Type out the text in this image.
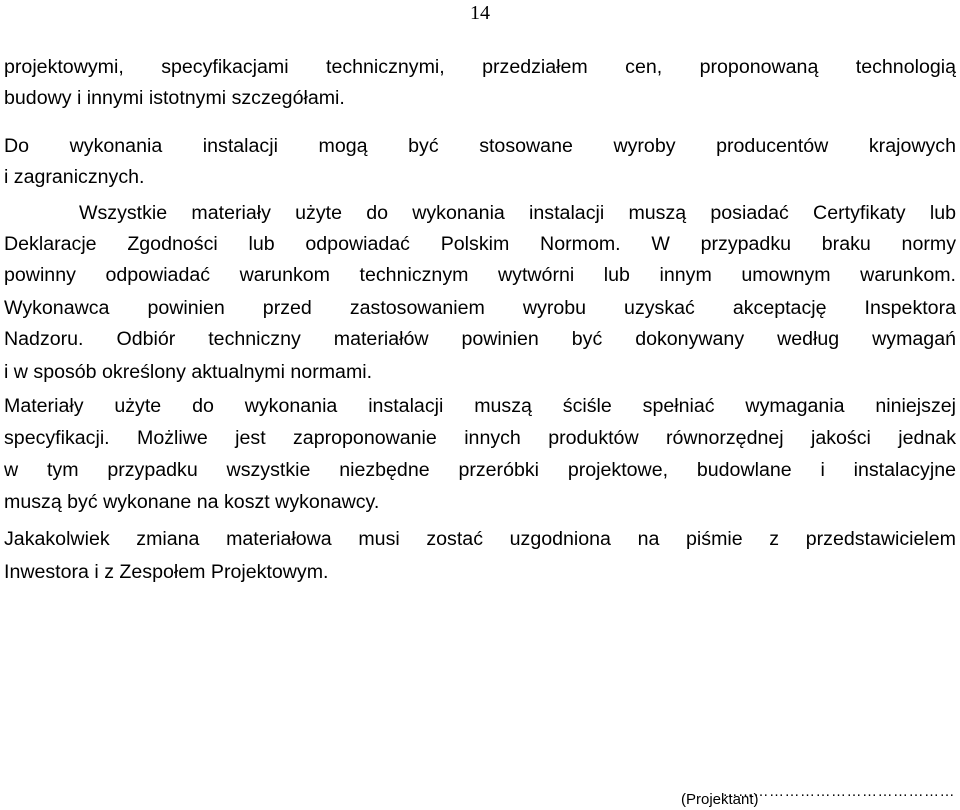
14
projektowymi, specyfikacjami technicznymi, przedziałem cen, proponowaną technologią
budowy i innymi istotnymi szczegółami.
Do wykonania instalacji mogą być stosowane wyroby producentów krajowych
i zagranicznych.
Wszystkie materiały użyte do wykonania instalacji muszą posiadać Certyfikaty lub
Deklaracje Zgodności lub odpowiadać Polskim Normom. W przypadku braku normy
powinny odpowiadać warunkom technicznym wytwórni lub innym umownym warunkom.
Wykonawca powinien przed zastosowaniem wyrobu uzyskać akceptację Inspektora
Nadzoru. Odbiór techniczny materiałów powinien być dokonywany według wymagań
i w sposób określony aktualnymi normami.
Materiały użyte do wykonania instalacji muszą ściśle spełniać wymagania niniejszej
specyfikacji. Możliwe jest zaproponowanie innych produktów równorzędnej jakości jednak
w tym przypadku wszystkie niezbędne przeróbki projektowe, budowlane i instalacyjne
muszą być wykonane na koszt wykonawcy.
Jakakolwiek zmiana materiałowa musi zostać uzgodniona na piśmie z przedstawicielem
Inwestora i z Zespołem Projektowym.
………………………………………
(Projektant)
